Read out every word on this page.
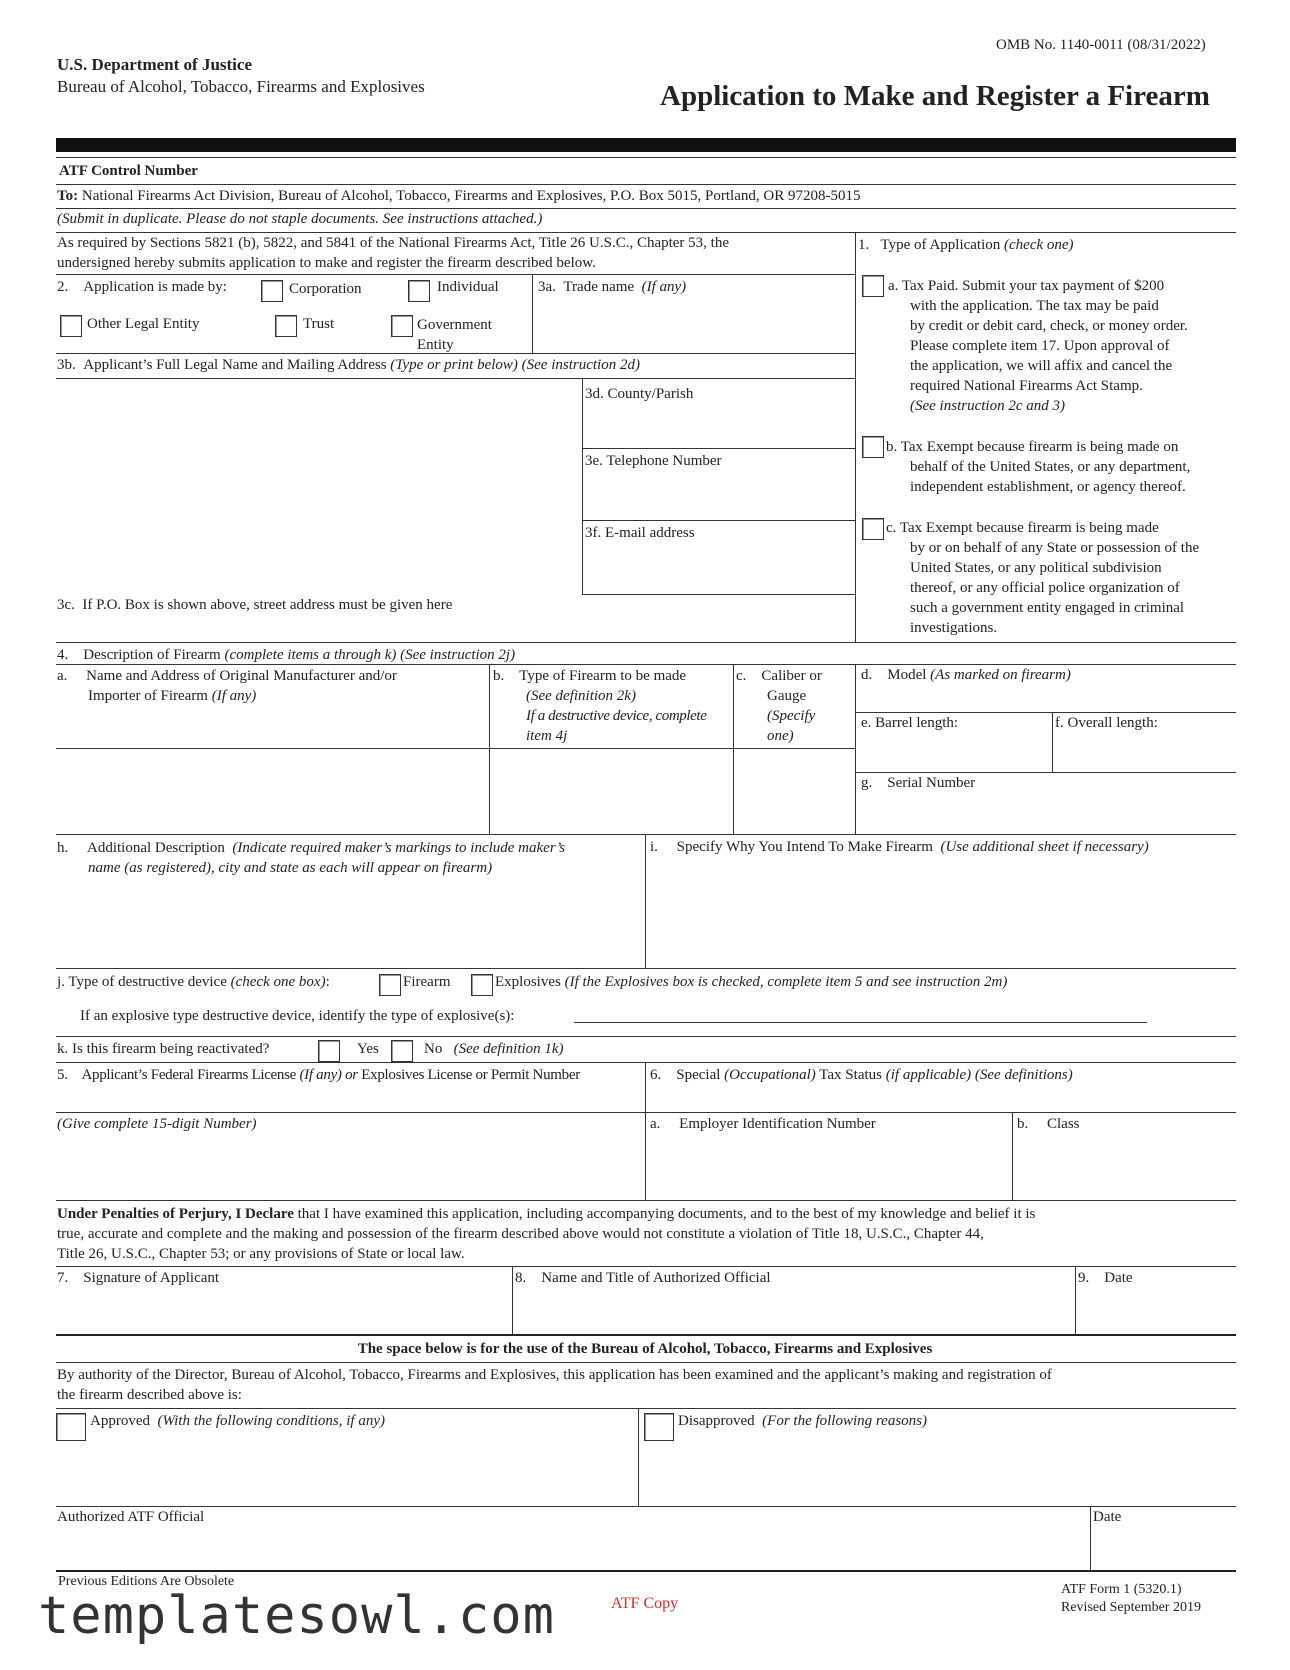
OMB No. 1140-0011 (08/31/2022)
U.S. Department of Justice
Bureau of Alcohol, Tobacco, Firearms and Explosives	Application to Make and Register a Firearm
ATF Control Number
To: National Firearms Act Division, Bureau of Alcohol, Tobacco, Firearms and Explosives, P.O. Box 5015, Portland, OR 97208-5015
(Submit in duplicate. Please do not staple documents. See instructions attached.)
As required by Sections 5821 (b), 5822, and 5841 of the National Firearms Act, Title 26 U.S.C., Chapter 53, the
undersigned hereby submits application to make and register the firearm described below.
1. Type of Application (check one)
a. Tax Paid. Submit your tax payment of $200
with the application. The tax may be paid
by credit or debit card, check, or money order.
Please complete item 17. Upon approval of
the application, we will affix and cancel the
required National Firearms Act Stamp.
(See instruction 2c and 3)
b. Tax Exempt because firearm is being made on
behalf of the United States, or any department,
independent establishment, or agency thereof.
c. Tax Exempt because firearm is being made
by or on behalf of any State or possession of the
United States, or any political subdivision
thereof, or any official police organization of
such a government entity engaged in criminal
investigations.
2. Application is made by:	Corporation	Individual
Other Legal Entity	Trust	Government
Entity
3a. Trade name (If any)
3b. Applicant’s Full Legal Name and Mailing Address (Type or print below) (See instruction 2d)
3d. County/Parish
3e. Telephone Number
3f. E-mail address
3c. If P.O. Box is shown above, street address must be given here
4. Description of Firearm (complete items a through k) (See instruction 2j)
a. Name and Address of Original Manufacturer and/or
Importer of Firearm (If any)
b. Type of Firearm to be made
(See definition 2k)
If a destructive device, complete
item 4j
c. Caliber or
Gauge
(Specify
one)
d. Model (As marked on firearm)
e. Barrel length:	f. Overall length:
g. Serial Number
h. Additional Description (Indicate required maker’s markings to include maker’s
name (as registered), city and state as each will appear on firearm)
i. Specify Why You Intend To Make Firearm (Use additional sheet if necessary)
j. Type of destructive device (check one box):	Firearm	Explosives (If the Explosives box is checked, complete item 5 and see instruction 2m)
If an explosive type destructive device, identify the type of explosive(s):
k. Is this firearm being reactivated?	Yes	No (See definition 1k)
5. Applicant’s Federal Firearms License (If any) or Explosives License or Permit Number	6. Special (Occupational) Tax Status (if applicable) (See definitions)
(Give complete 15-digit Number)	a. Employer Identification Number	b. Class
Under Penalties of Perjury, I Declare that I have examined this application, including accompanying documents, and to the best of my knowledge and belief it is
true, accurate and complete and the making and possession of the firearm described above would not constitute a violation of Title 18, U.S.C., Chapter 44,
Title 26, U.S.C., Chapter 53; or any provisions of State or local law.
7. Signature of Applicant	8. Name and Title of Authorized Official	9. Date
The space below is for the use of the Bureau of Alcohol, Tobacco, Firearms and Explosives
By authority of the Director, Bureau of Alcohol, Tobacco, Firearms and Explosives, this application has been examined and the applicant’s making and registration of
the firearm described above is:
Approved (With the following conditions, if any)	Disapproved (For the following reasons)
Authorized ATF Official	Date
Previous Editions Are Obsolete
templatesowl.com	ATF Copy
ATF Form 1 (5320.1)
Revised September 2019
